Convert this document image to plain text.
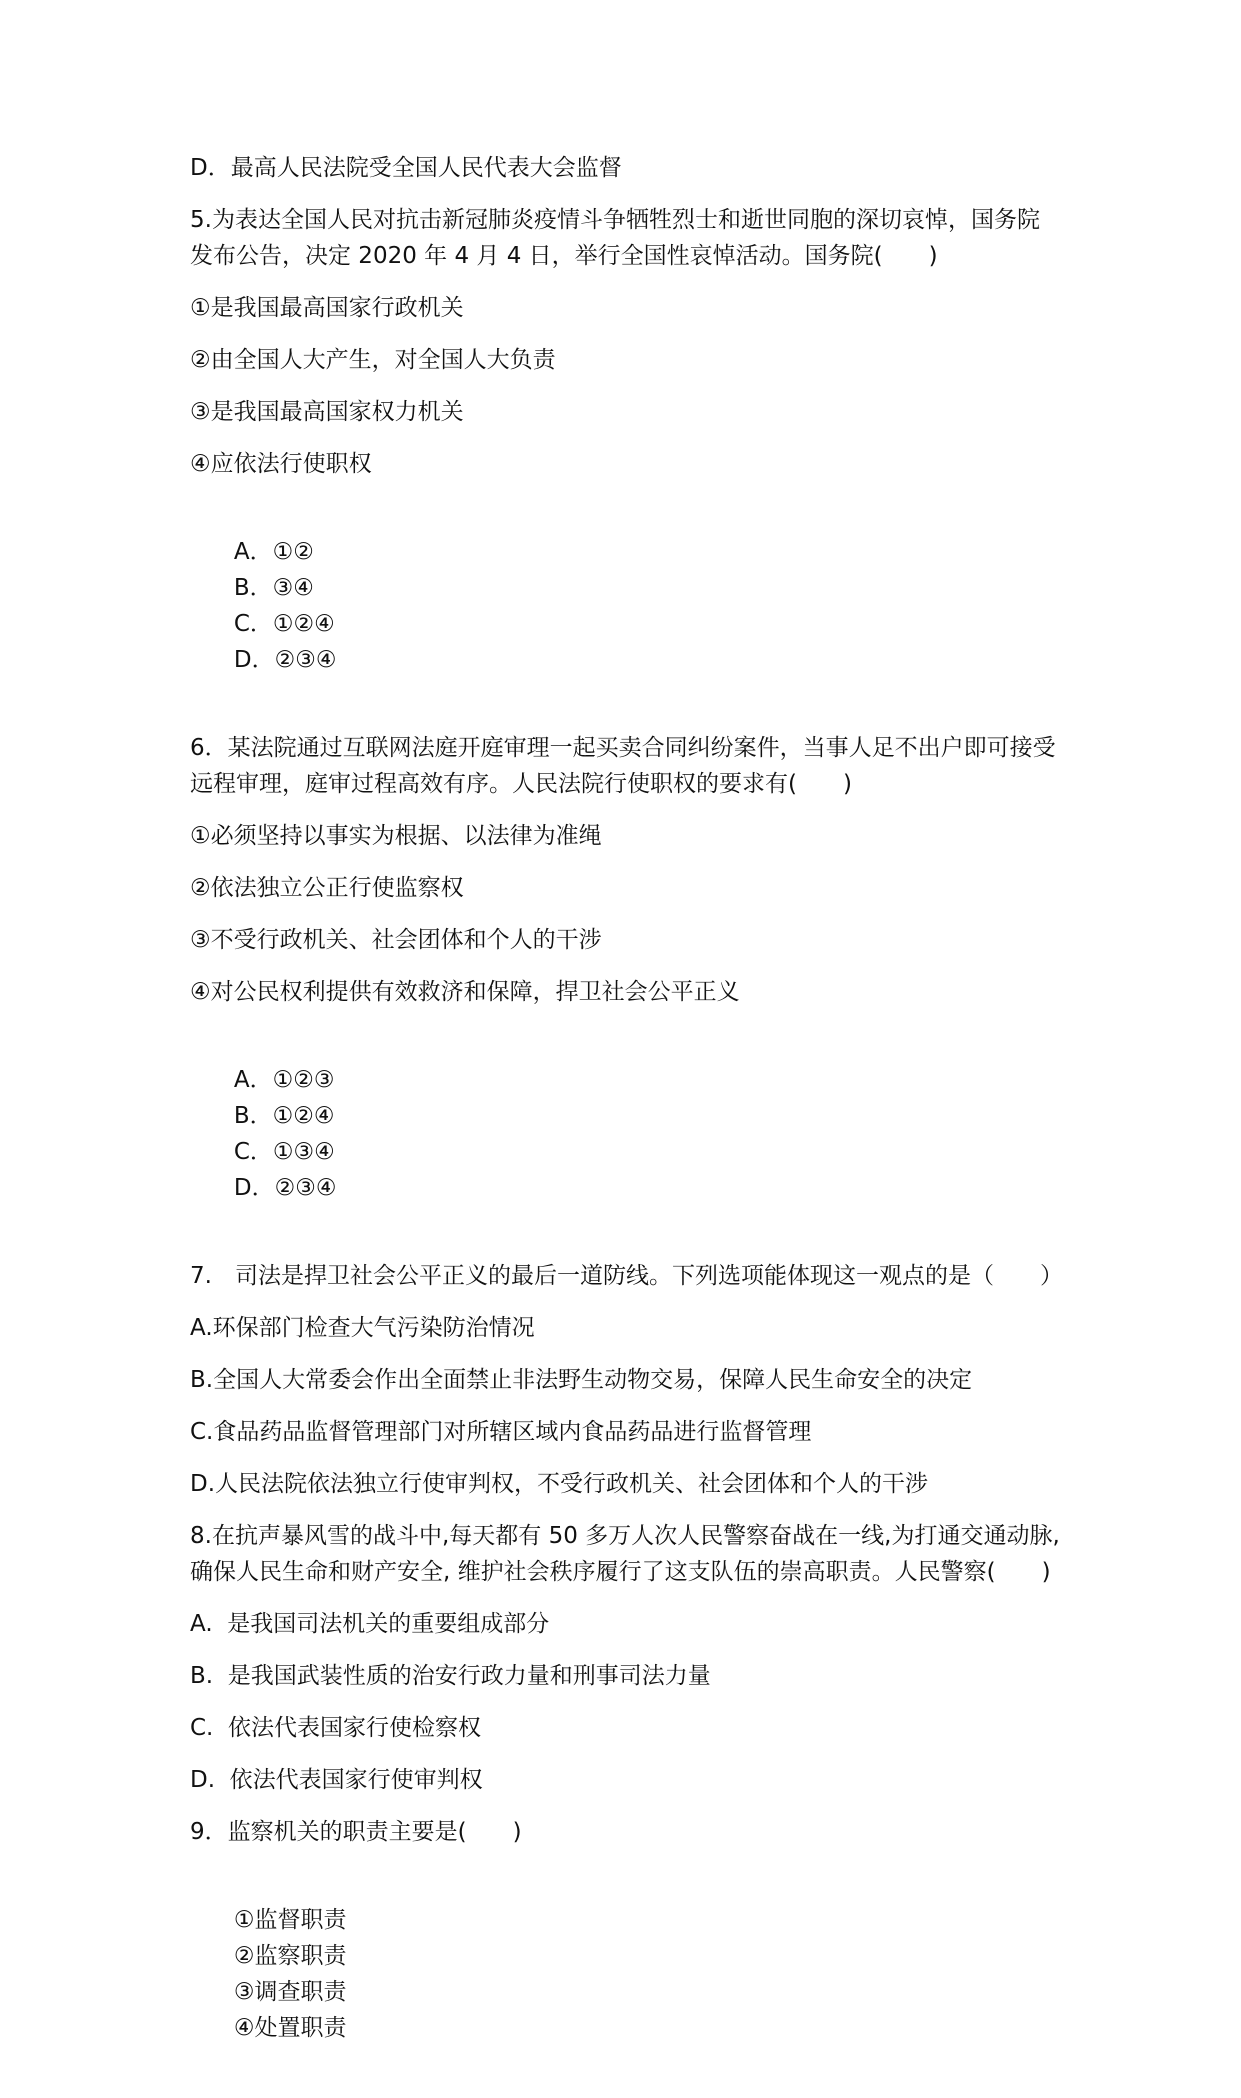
D．最高人民法院受全国人民代表大会监督

5.为表达全国人民对抗击新冠肺炎疫情斗争牺牲烈士和逝世同胞的深切哀悼，国务院发布公告，决定 2020 年 4 月 4 日，举行全国性哀悼活动。国务院(　　)

①是我国最高国家行政机关

②由全国人大产生，对全国人大负责

③是我国最高国家权力机关

④应依法行使职权

A．①②
B．③④
C．①②④
D．②③④

6．某法院通过互联网法庭开庭审理一起买卖合同纠纷案件，当事人足不出户即可接受远程审理，庭审过程高效有序。人民法院行使职权的要求有(　　)

①必须坚持以事实为根据、以法律为准绳

②依法独立公正行使监察权

③不受行政机关、社会团体和个人的干涉

④对公民权利提供有效救济和保障，捍卫社会公平正义

A．①②③
B．①②④
C．①③④
D．②③④

7.　司法是捍卫社会公平正义的最后一道防线。下列选项能体现这一观点的是（　　）

A.环保部门检查大气污染防治情况

B.全国人大常委会作出全面禁止非法野生动物交易，保障人民生命安全的决定

C.食品药品监督管理部门对所辖区域内食品药品进行监督管理

D.人民法院依法独立行使审判权，不受行政机关、社会团体和个人的干涉

8.在抗声暴风雪的战斗中,每天都有 50 多万人次人民警察奋战在一线,为打通交通动脉,确保人民生命和财产安全, 维护社会秩序履行了这支队伍的崇高职责。人民警察(　　)

A.  是我国司法机关的重要组成部分

B.  是我国武装性质的治安行政力量和刑事司法力量

C.  依法代表国家行使检察权

D.  依法代表国家行使审判权

9．监察机关的职责主要是(　　)

①监督职责
②监察职责
③调查职责
④处置职责
